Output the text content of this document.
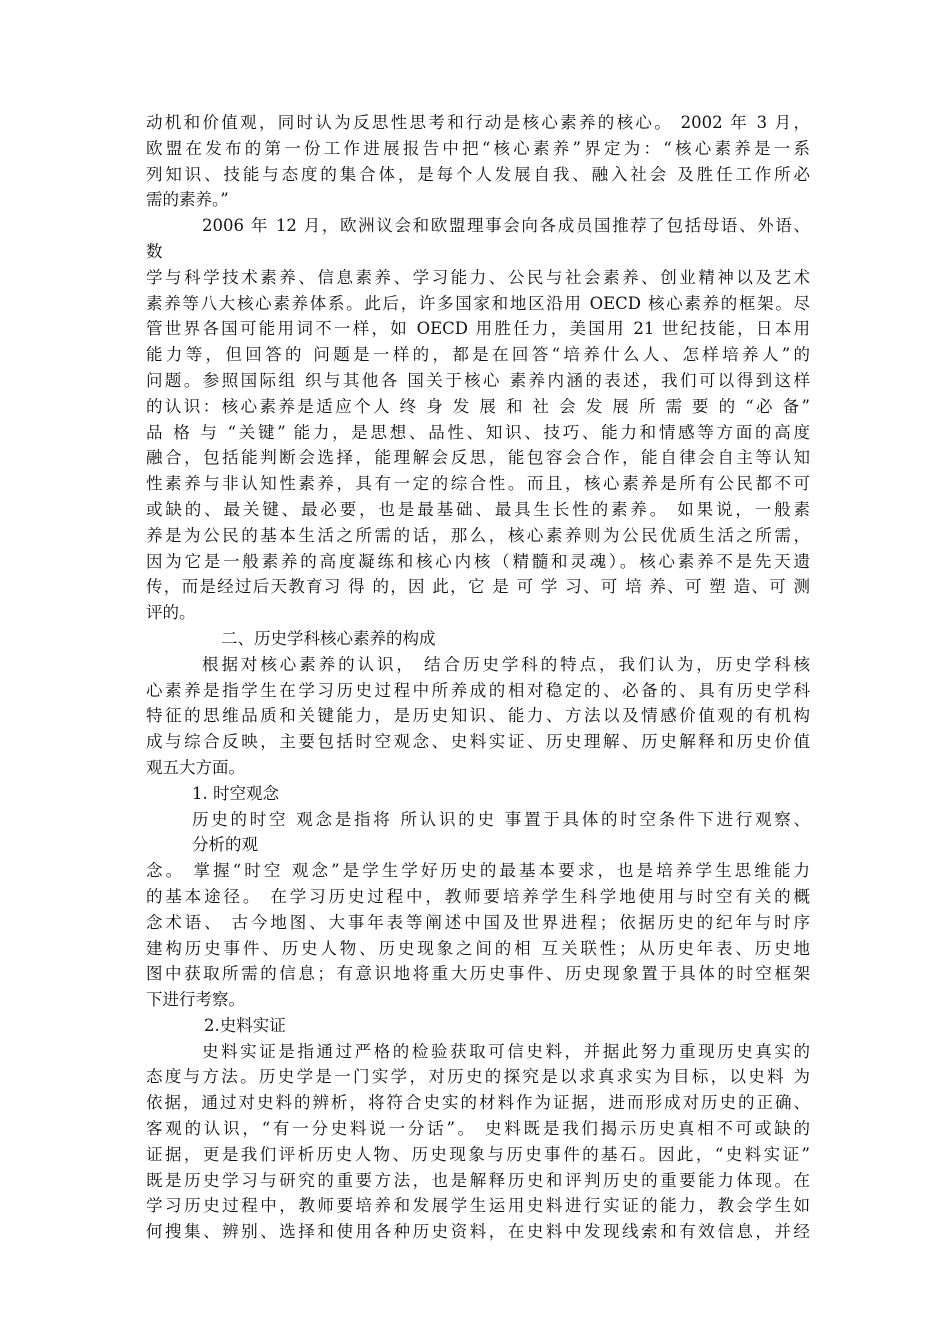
动机和价值观，同时认为反思性思考和行动是核心素养的核心。 2002 年 3 月，
欧盟在发布的第一份工作进展报告中把“核心素养”界定为：“核心素养是一系
列知识、技能与态度的集合体，是每个人发展自我、融入社会 及胜任工作所必
需的素养。”
2006 年 12 月，欧洲议会和欧盟理事会向各成员国推荐了包括母语、外语、
数
学与科学技术素养、信息素养、学习能力、公民与社会素养、创业精神以及艺术
素养等八大核心素养体系。此后，许多国家和地区沿用 OECD 核心素养的框架。尽
管世界各国可能用词不一样，如 OECD 用胜任力，美国用 21 世纪技能，日本用
能力等，但回答的 问题是一样的，都是在回答“培养什么人、怎样培养人”的
问题。参照国际组 织与其他各 国关于核心 素养内涵的表述，我们可以得到这样
的认识：核心素养是适应个人 终 身 发 展 和 社 会 发 展 所 需 要 的 “必 备”
品 格 与 “关键” 能力，是思想、品性、知识、技巧、能力和情感等方面的高度
融合，包括能判断会选择，能理解会反思，能包容会合作，能自律会自主等认知
性素养与非认知性素养，具有一定的综合性。而且，核心素养是所有公民都不可
或缺的、最关键、最必要，也是最基础、最具生长性的素养。 如果说，一般素
养是为公民的基本生活之所需的话，那么，核心素养则为公民优质生活之所需，
因为它是一般素养的高度凝练和核心内核（精髓和灵魂）。核心素养不是先天遗
传，而是经过后天教育习 得 的，因 此，它 是 可 学 习、可 培 养、可 塑 造、可 测
评的。
二、历史学科核心素养的构成
根据对核心素养的认识， 结合历史学科的特点，我们认为，历史学科核
心素养是指学生在学习历史过程中所养成的相对稳定的、必备的、具有历史学科
特征的思维品质和关键能力，是历史知识、能力、方法以及情感价值观的有机构
成与综合反映，主要包括时空观念、史料实证、历史理解、历史解释和历史价值
观五大方面。
1. 时空观念
历史的时空 观念是指将 所认识的史 事置于具体的时空条件下进行观察、
分析的观
念。 掌握“时空 观念”是学生学好历史的最基本要求，也是培养学生思维能力
的基本途径。 在学习历史过程中，教师要培养学生科学地使用与时空有关的概
念术语、 古今地图、大事年表等阐述中国及世界进程；依据历史的纪年与时序
建构历史事件、历史人物、历史现象之间的相 互关联性；从历史年表、历史地
图中获取所需的信息；有意识地将重大历史事件、历史现象置于具体的时空框架
下进行考察。
2.史料实证
史料实证是指通过严格的检验获取可信史料，并据此努力重现历史真实的
态度与方法。历史学是一门实学，对历史的探究是以求真求实为目标，以史料 为
依据，通过对史料的辨析，将符合史实的材料作为证据，进而形成对历史的正确、
客观的认识，“有一分史料说一分话”。 史料既是我们揭示历史真相不可或缺的
证据，更是我们评析历史人物、历史现象与历史事件的基石。因此，“史料实证”
既是历史学习与研究的重要方法，也是解释历史和评判历史的重要能力体现。在
学习历史过程中，教师要培养和发展学生运用史料进行实证的能力，教会学生如
何搜集、辨别、选择和使用各种历史资料，在史料中发现线索和有效信息，并经
